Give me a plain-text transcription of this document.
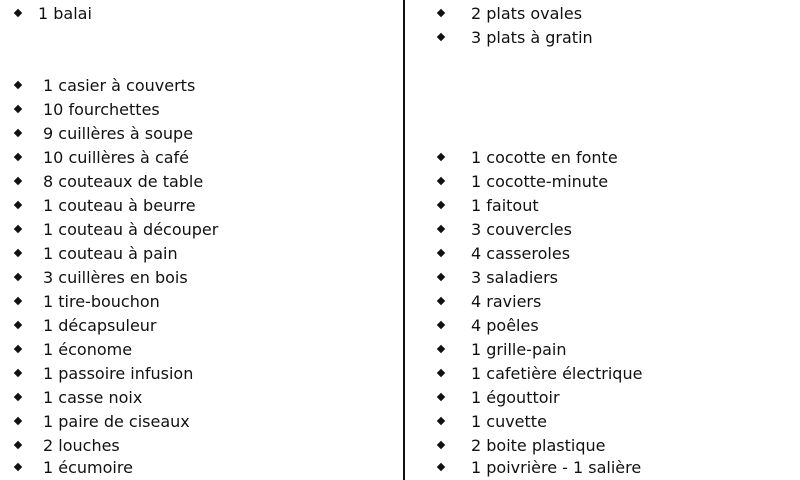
1 balai
1 casier à couverts
10 fourchettes
9 cuillères à soupe
10 cuillères à café
8 couteaux de table
1 couteau à beurre
1 couteau à découper
1 couteau à pain
3 cuillères en bois
1 tire-bouchon
1 décapsuleur
1 économe
1 passoire infusion
1 casse noix
1 paire de ciseaux
2 louches
1 écumoire
2 plats ovales
3 plats à gratin
1 cocotte en fonte
1 cocotte-minute
1 faitout
3 couvercles
4 casseroles
3 saladiers
4 raviers
4 poêles
1 grille-pain
1 cafetière électrique
1 égouttoir
1 cuvette
2 boite plastique
1 poivrière - 1 salière
